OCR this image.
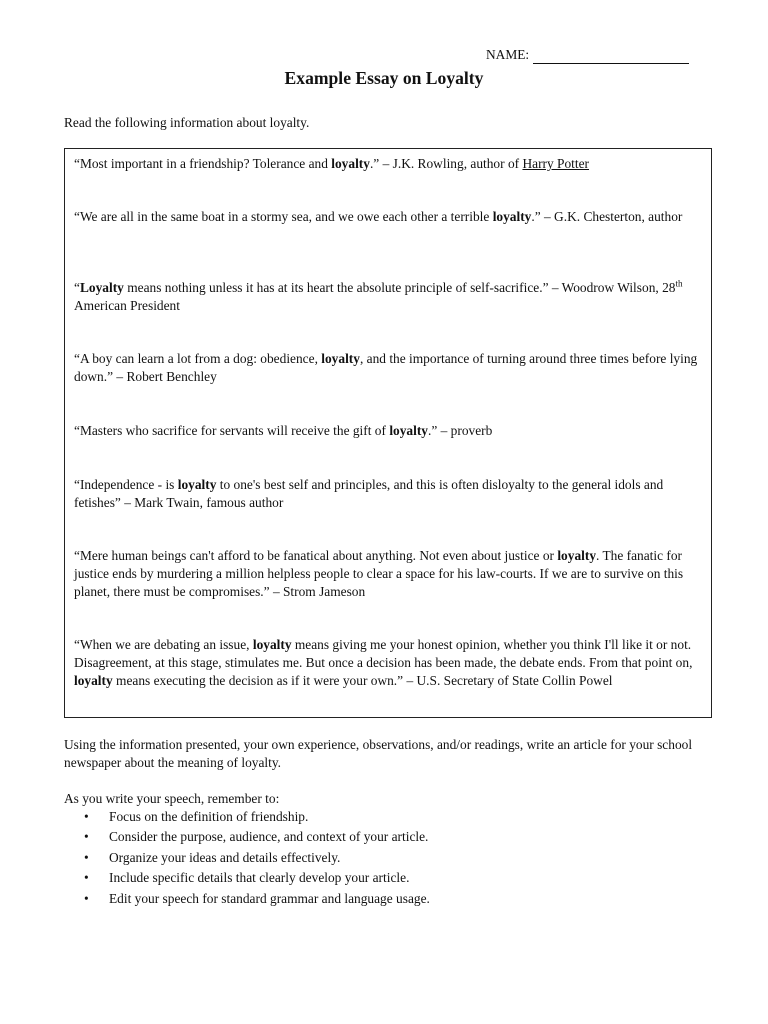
NAME:
Example Essay on Loyalty
Read the following information about loyalty.

“Most important in a friendship? Tolerance and loyalty.” – J.K. Rowling, author of Harry Potter

“We are all in the same boat in a stormy sea, and we owe each other a terrible loyalty.” – G.K. Chesterton, author

“Loyalty means nothing unless it has at its heart the absolute principle of self-sacrifice.” – Woodrow Wilson, 28th American President

“A boy can learn a lot from a dog: obedience, loyalty, and the importance of turning around three times before lying down.” – Robert Benchley

“Masters who sacrifice for servants will receive the gift of loyalty.” – proverb

“Independence - is loyalty to one's best self and principles, and this is often disloyalty to the general idols and fetishes” – Mark Twain, famous author

“Mere human beings can't afford to be fanatical about anything. Not even about justice or loyalty. The fanatic for justice ends by murdering a million helpless people to clear a space for his law-courts. If we are to survive on this planet, there must be compromises.” – Strom Jameson

“When we are debating an issue, loyalty means giving me your honest opinion, whether you think I'll like it or not. Disagreement, at this stage, stimulates me. But once a decision has been made, the debate ends. From that point on, loyalty means executing the decision as if it were your own.” – U.S. Secretary of State Collin Powel

Using the information presented, your own experience, observations, and/or readings, write an article for your school newspaper about the meaning of loyalty.

As you write your speech, remember to:

• Focus on the definition of friendship.
• Consider the purpose, audience, and context of your article.
• Organize your ideas and details effectively.
• Include specific details that clearly develop your article.
• Edit your speech for standard grammar and language usage.
